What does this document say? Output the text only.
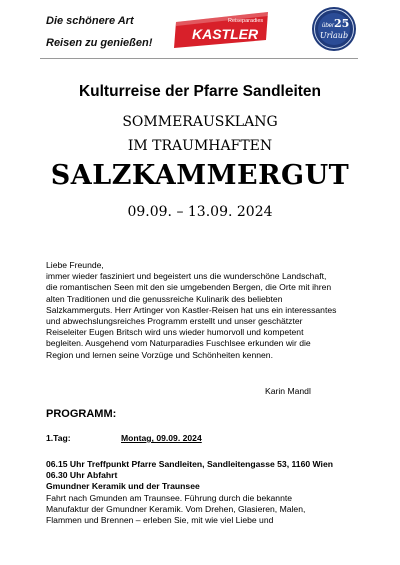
Die schönere Art
Reisen zu genießen!
Reiseparadies
KASTLER	über 25
Urlaub
Kulturreise der Pfarre Sandleiten
SOMMERAUSKLANG
IM TRAUMHAFTEN
SALZKAMMERGUT
09.09. – 13.09. 2024

Liebe Freunde,

immer wieder fasziniert und begeistert uns die wunderschöne Landschaft,

die romantischen Seen mit den sie umgebenden Bergen, die Orte mit ihren

alten Traditionen und die genussreiche Kulinarik des beliebten

Salzkammerguts. Herr Artinger von Kastler-Reisen hat uns ein interessantes

und abwechslungsreiches Programm erstellt und unser geschätzter

Reiseleiter Eugen Britsch wird uns wieder humorvoll und kompetent

begleiten. Ausgehend vom Naturparadies Fuschlsee erkunden wir die

Region und lernen seine Vorzüge und Schönheiten kennen.

Karin Mandl
PROGRAMM:
1.Tag:	Montag, 09.09. 2024

06.15 Uhr Treffpunkt Pfarre Sandleiten, Sandleitengasse 53, 1160 Wien

06.30 Uhr Abfahrt

Gmundner Keramik und der Traunsee

Fahrt nach Gmunden am Traunsee. Führung durch die bekannte

Manufaktur der Gmundner Keramik. Vom Drehen, Glasieren, Malen,

Flammen und Brennen – erleben Sie, mit wie viel Liebe und
